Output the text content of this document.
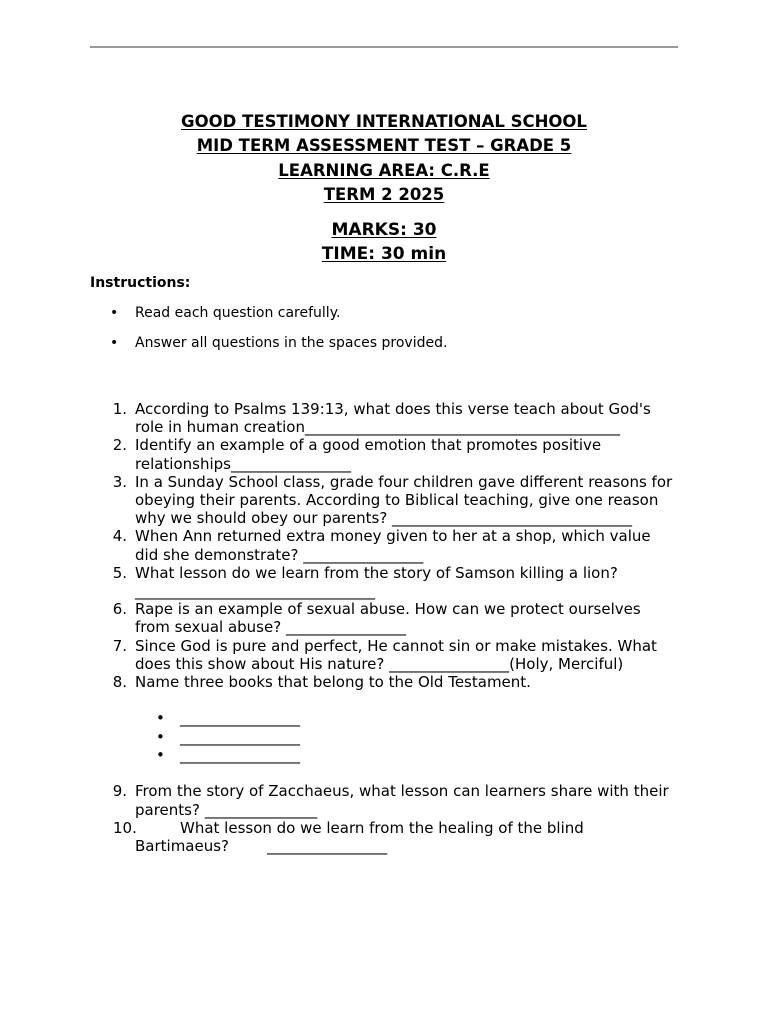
GOOD TESTIMONY INTERNATIONAL SCHOOL
MID TERM ASSESSMENT TEST – GRADE 5
LEARNING AREA: C.R.E
TERM 2 2025
MARKS: 30
TIME: 30 min
Instructions:
• Read each question carefully.
• Answer all questions in the spaces provided.
1. According to Psalms 139:13, what does this verse teach about God's
role in human creation__________________________________________
2. Identify an example of a good emotion that promotes positive
relationships________________
3. In a Sunday School class, grade four children gave different reasons for
obeying their parents. According to Biblical teaching, give one reason
why we should obey our parents? ________________________________
4. When Ann returned extra money given to her at a shop, which value
did she demonstrate? ________________
5. What lesson do we learn from the story of Samson killing a lion?
________________________________
6. Rape is an example of sexual abuse. How can we protect ourselves
from sexual abuse? ________________
7. Since God is pure and perfect, He cannot sin or make mistakes. What
does this show about His nature? ________________(Holy, Merciful)
8. Name three books that belong to the Old Testament.
• ________________
• ________________
• ________________
9. From the story of Zacchaeus, what lesson can learners share with their
parents? _______________
10.	What lesson do we learn from the healing of the blind
Bartimaeus?        ________________
